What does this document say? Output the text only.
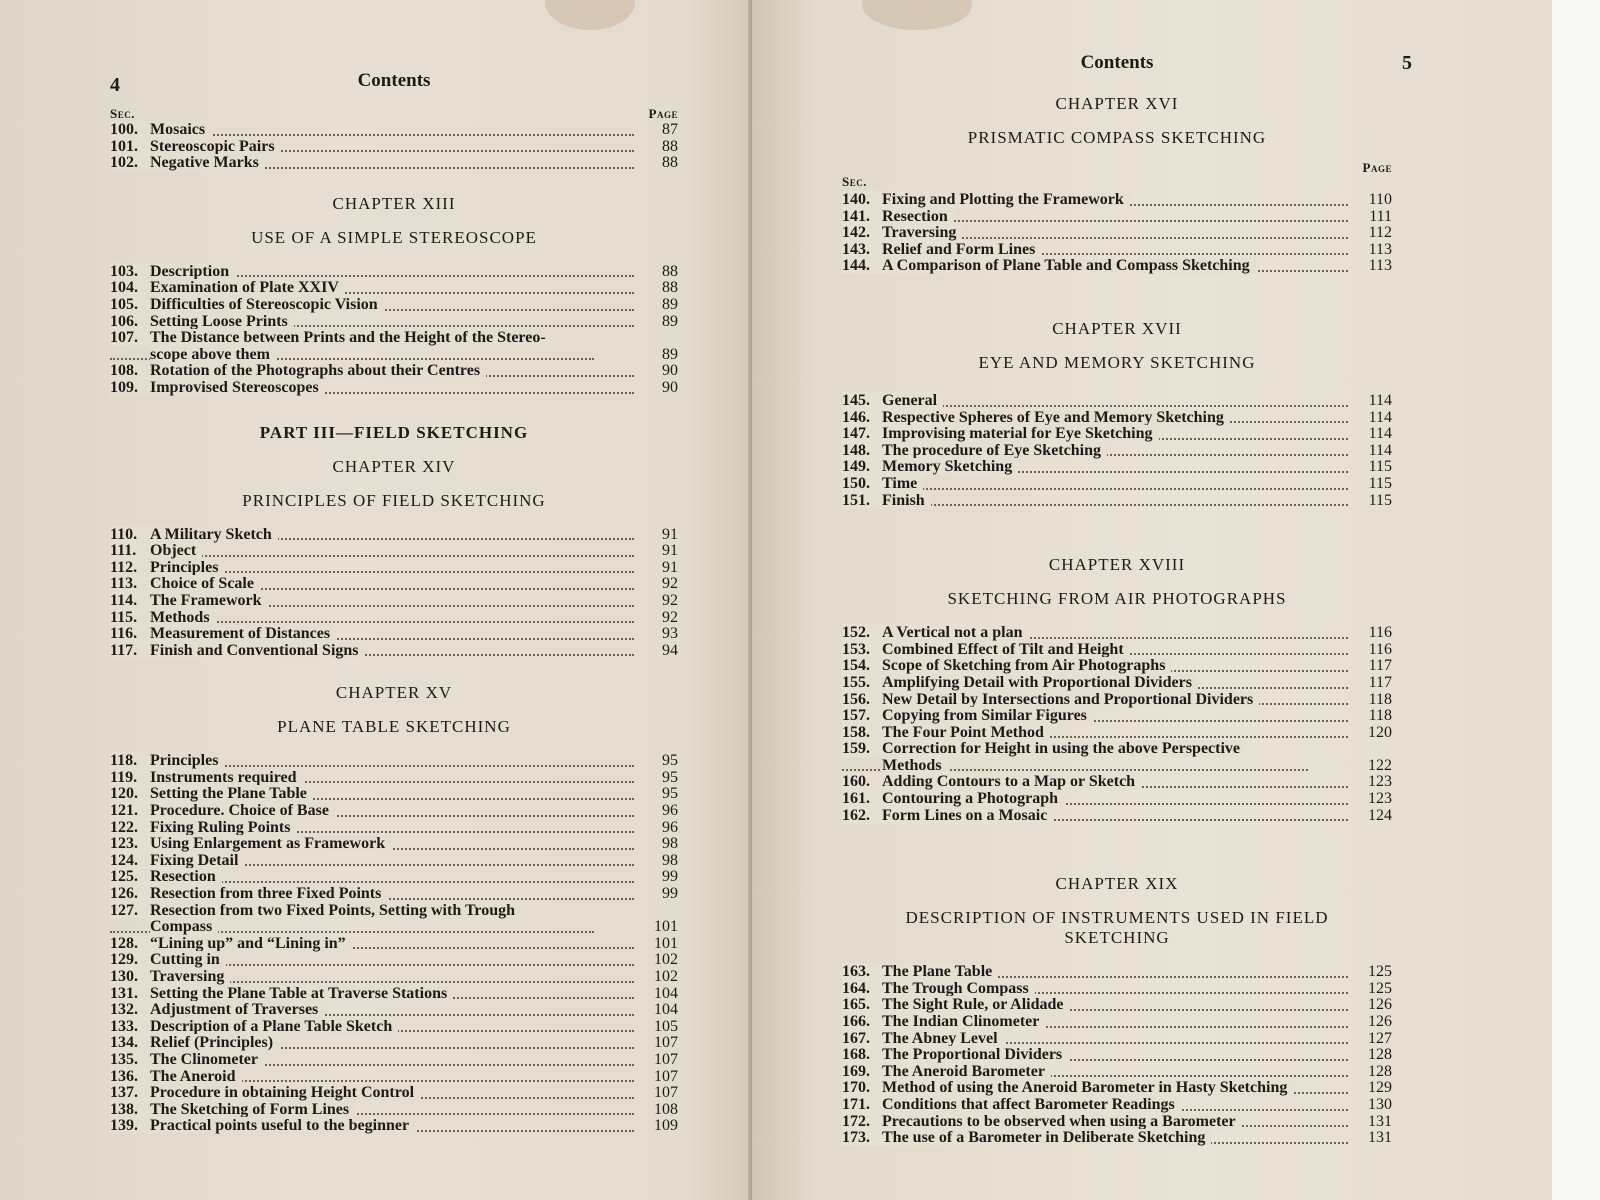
4	Contents
Sec.	Page
100. Mosaics	87
101. Stereoscopic Pairs	88
102. Negative Marks	88
CHAPTER XIII
USE OF A SIMPLE STEREOSCOPE
103. Description	88
104. Examination of Plate XXIV	88
105. Difficulties of Stereoscopic Vision	89
106. Setting Loose Prints	89
107. The Distance between Prints and the Height of the Stereo-
scope above them	89
108. Rotation of the Photographs about their Centres	90
109. Improvised Stereoscopes	90
PART III—FIELD SKETCHING
CHAPTER XIV
PRINCIPLES OF FIELD SKETCHING
110. A Military Sketch	91
111. Object	91
112. Principles	91
113. Choice of Scale	92
114. The Framework	92
115. Methods	92
116. Measurement of Distances	93
117. Finish and Conventional Signs	94
CHAPTER XV
PLANE TABLE SKETCHING
118. Principles	95
119. Instruments required	95
120. Setting the Plane Table	95
121. Procedure. Choice of Base	96
122. Fixing Ruling Points	96
123. Using Enlargement as Framework	98
124. Fixing Detail	98
125. Resection	99
126. Resection from three Fixed Points	99
127. Resection from two Fixed Points, Setting with Trough
Compass	101
128. “Lining up” and “Lining in”	101
129. Cutting in	102
130. Traversing	102
131. Setting the Plane Table at Traverse Stations	104
132. Adjustment of Traverses	104
133. Description of a Plane Table Sketch	105
134. Relief (Principles)	107
135. The Clinometer	107
136. The Aneroid	107
137. Procedure in obtaining Height Control	107
138. The Sketching of Form Lines	108
139. Practical points useful to the beginner	109
Contents	5
CHAPTER XVI
PRISMATIC COMPASS SKETCHING
Sec.
Page
140. Fixing and Plotting the Framework	110
141. Resection	111
142. Traversing	112
143. Relief and Form Lines	113
144. A Comparison of Plane Table and Compass Sketching	113
CHAPTER XVII
EYE AND MEMORY SKETCHING
145. General	114
146. Respective Spheres of Eye and Memory Sketching	114
147. Improvising material for Eye Sketching	114
148. The procedure of Eye Sketching	114
149. Memory Sketching	115
150. Time	115
151. Finish	115
CHAPTER XVIII
SKETCHING FROM AIR PHOTOGRAPHS
152. A Vertical not a plan	116
153. Combined Effect of Tilt and Height	116
154. Scope of Sketching from Air Photographs	117
155. Amplifying Detail with Proportional Dividers	117
156. New Detail by Intersections and Proportional Dividers	118
157. Copying from Similar Figures	118
158. The Four Point Method	120
159. Correction for Height in using the above Perspective
Methods	122
160. Adding Contours to a Map or Sketch	123
161. Contouring a Photograph	123
162. Form Lines on a Mosaic	124
CHAPTER XIX
DESCRIPTION OF INSTRUMENTS USED IN FIELD SKETCHING
163. The Plane Table	125
164. The Trough Compass	125
165. The Sight Rule, or Alidade	126
166. The Indian Clinometer	126
167. The Abney Level	127
168. The Proportional Dividers	128
169. The Aneroid Barometer	128
170. Method of using the Aneroid Barometer in Hasty Sketching	129
171. Conditions that affect Barometer Readings	130
172. Precautions to be observed when using a Barometer	131
173. The use of a Barometer in Deliberate Sketching	131
